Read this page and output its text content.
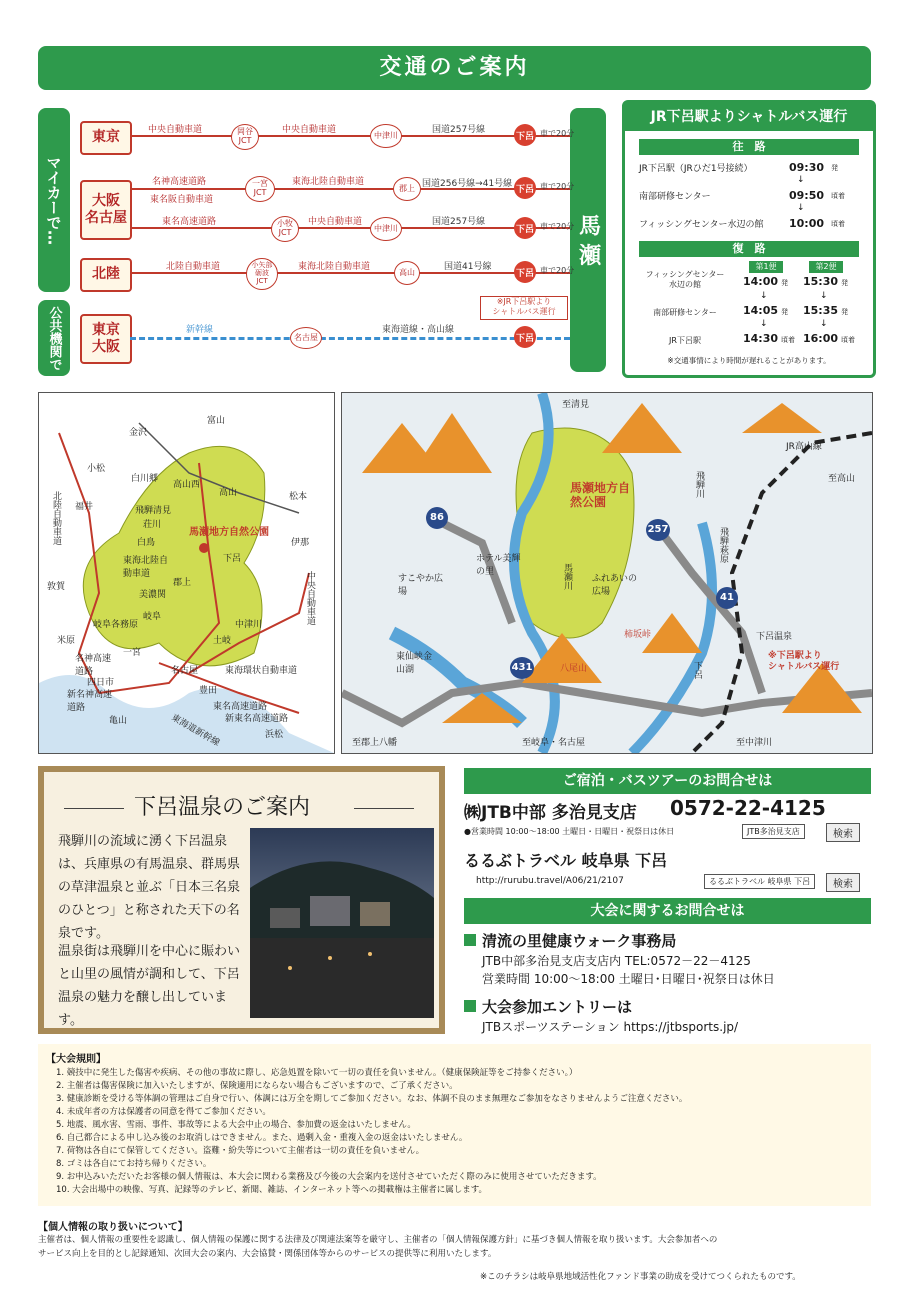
交通のご案内
マイカーで…
公共機関で
馬 瀬
東京	中央自動車道	岡谷
JCT
中央自動車道
中津川
国道257号線
下呂 車で20分
大阪
名古屋
名神高速道路
東名阪自動車道
一宮
JCT
東海北陸自動車道
郡上 国道256号線→41号線
下呂 車で20分
東名高速道路	小牧
JCT
中央自動車道
中津川
国道257号線
下呂 車で20分
北陸	北陸自動車道	小矢部
砺波
JCT
東海北陸自動車道
高山
国道41号線
下呂 車で20分
東京
大阪
新幹線
名古屋
東海道線・高山線
下呂
※JR下呂駅より
シャトルバス運行
JR下呂駅よりシャトルバス運行
往　路
JR下呂駅（JRひだ1号接続）	09:30 発
↓
南部研修センター	09:50 頃着
↓
フィッシングセンター水辺の館 10:00 頃着
復　路
第1便	第2便
フィッシングセンター
水辺の館	14:00 発 15:30 発
↓	↓
南部研修センター	14:05 発 15:35 発
↓	↓
JR下呂駅	14:30 頃着 16:00 頃着
※交通事情により時間が遅れることがあります。
馬瀬地方自然公園
富山
金沢
小松
福井
白川郷
高山西
高山
飛騨清見
荘川
白鳥
東海北陸自動車道
郡上
美濃関
岐阜各務原
岐阜
一宮
名古屋
土岐
中津川
下呂
松本
伊那
米原
名神高速道路
四日市
豊田
新名神高速道路
亀山
東海環状自動車道
東名高速道路
新東名高速道路
浜松
東海道新幹線
敦賀
北陸自動車道
中央自動車道
馬瀬地方自然公園
至清見
JR高山線
至高山
すこやか広場
ホテル美輝の里
ふれあいの広場
馬瀬川
飛騨川
飛騨萩原
柿坂峠	下呂温泉
東仙峡金山湖	八尾山	下呂
至郡上八幡	至岐阜・名古屋	至中津川
86
257
41
431
※下呂駅より
シャトルバス運行
下呂温泉のご案内
飛騨川の流域に湧く下呂温泉は、兵庫県の有馬温泉、群馬県の草津温泉と並ぶ「日本三名泉のひとつ」と称された天下の名泉です。
温泉街は飛騨川を中心に賑わいと山里の風情が調和して、下呂温泉の魅力を醸し出しています。
ご宿泊・バスツアーのお問合せは
㈱JTB中部 多治見支店 0572-22-4125
●営業時間 10:00～18:00 土曜日・日曜日・祝祭日は休日	JTB多治見支店	検索
るるぶトラベル 岐阜県 下呂
http://rurubu.travel/A06/21/2107	るるぶトラベル 岐阜県 下呂	検索
大会に関するお問合せは
清流の里健康ウォーク事務局
JTB中部多治見支店支店内 TEL:0572－22－4125
営業時間 10:00～18:00 土曜日･日曜日･祝祭日は休日
大会参加エントリーは
JTBスポーツステーション https://jtbsports.jp/
【大会規則】
1. 競技中に発生した傷害や疾病、その他の事故に際し、応急処置を除いて一切の責任を負いません。（健康保険証等をご持参ください。）
2. 主催者は傷害保険に加入いたしますが、保険適用にならない場合もございますので、ご了承ください。
3. 健康診断を受ける等体調の管理はご自身で行い、体調には万全を期してご参加ください。なお、体調不良のまま無理なご参加をなさりませんようご注意ください。
4. 未成年者の方は保護者の同意を得てご参加ください。
5. 地震、風水害、雪雨、事件、事故等による大会中止の場合、参加費の返金はいたしません。
6. 自己都合による申し込み後のお取消しはできません。また、過剰入金・重複入金の返金はいたしません。
7. 荷物は各自にて保管してください。盗難・紛失等について主催者は一切の責任を負いません。
8. ゴミは各自にてお持ち帰りください。
9. お申込みいただいたお客様の個人情報は、本大会に関わる業務及び今後の大会案内を送付させていただく際のみに使用させていただきます。
10. 大会出場中の映像、写真、記録等のテレビ、新聞、雑誌、インターネット等への掲載権は主催者に属します。
【個人情報の取り扱いについて】
主催者は、個人情報の重要性を認識し、個人情報の保護に関する法律及び関連法案等を厳守し、主催者の「個人情報保護方針」に基づき個人情報を取り扱います。大会参加者への
サービス向上を目的とし記録通知、次回大会の案内、大会協賛・関係団体等からのサービスの提供等に利用いたします。
※このチラシは岐阜県地域活性化ファンド事業の助成を受けてつくられたものです。
